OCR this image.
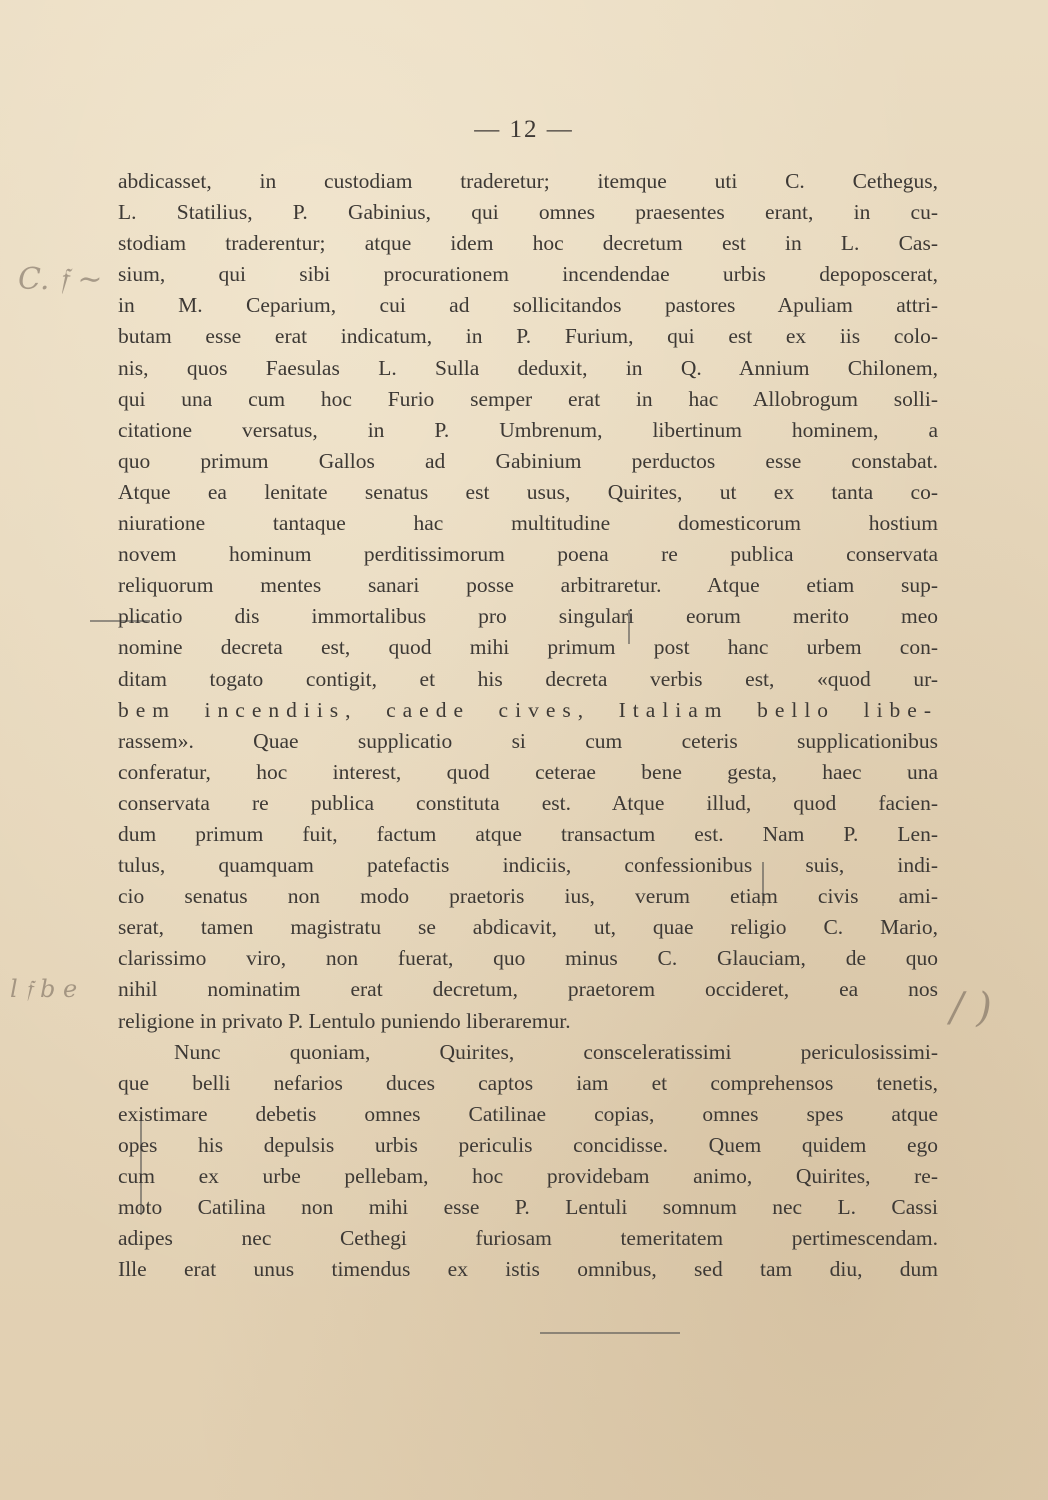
— 12 —
C. 𝔣 ∼
l 𝔣 b e	/ )
abdicasset, in custodiam traderetur; itemque uti C. Cethegus,
L. Statilius, P. Gabinius, qui omnes praesentes erant, in cu-
stodiam traderentur; atque idem hoc decretum est in L. Cas-
sium, qui sibi procurationem incendendae urbis depoposcerat,
in M. Ceparium, cui ad sollicitandos pastores Apuliam attri-
butam esse erat indicatum, in P. Furium, qui est ex iis colo-
nis, quos Faesulas L. Sulla deduxit, in Q. Annium Chilonem,
qui una cum hoc Furio semper erat in hac Allobrogum solli-
citatione versatus, in P. Umbrenum, libertinum hominem, a
quo primum Gallos ad Gabinium perductos esse constabat.
Atque ea lenitate senatus est usus, Quirites, ut ex tanta co-
niuratione tantaque hac multitudine domesticorum hostium
novem hominum perditissimorum poena re publica conservata
reliquorum mentes sanari posse arbitraretur. Atque etiam sup-
plicatio dis immortalibus pro singulari eorum merito meo
nomine decreta est, quod mihi primum post hanc urbem con-
ditam togato contigit, et his decreta verbis est, «quod ur-
bem incendiis, caede cives, Italiam bello libe-
rassem». Quae supplicatio si cum ceteris supplicationibus
conferatur, hoc interest, quod ceterae bene gesta, haec una
conservata re publica constituta est. Atque illud, quod facien-
dum primum fuit, factum atque transactum est. Nam P. Len-
tulus, quamquam patefactis indiciis, confessionibus suis, indi-
cio senatus non modo praetoris ius, verum etiam civis ami-
serat, tamen magistratu se abdicavit, ut, quae religio C. Mario,
clarissimo viro, non fuerat, quo minus C. Glauciam, de quo
nihil nominatim erat decretum, praetorem occideret, ea nos
religione in privato P. Lentulo puniendo liberaremur.
Nunc quoniam, Quirites, consceleratissimi periculosissimi-
que belli nefarios duces captos iam et comprehensos tenetis,
existimare debetis omnes Catilinae copias, omnes spes atque
opes his depulsis urbis periculis concidisse. Quem quidem ego
cum ex urbe pellebam, hoc providebam animo, Quirites, re-
moto Catilina non mihi esse P. Lentuli somnum nec L. Cassi
adipes nec Cethegi furiosam temeritatem pertimescendam.
Ille erat unus timendus ex istis omnibus, sed tam diu, dum
